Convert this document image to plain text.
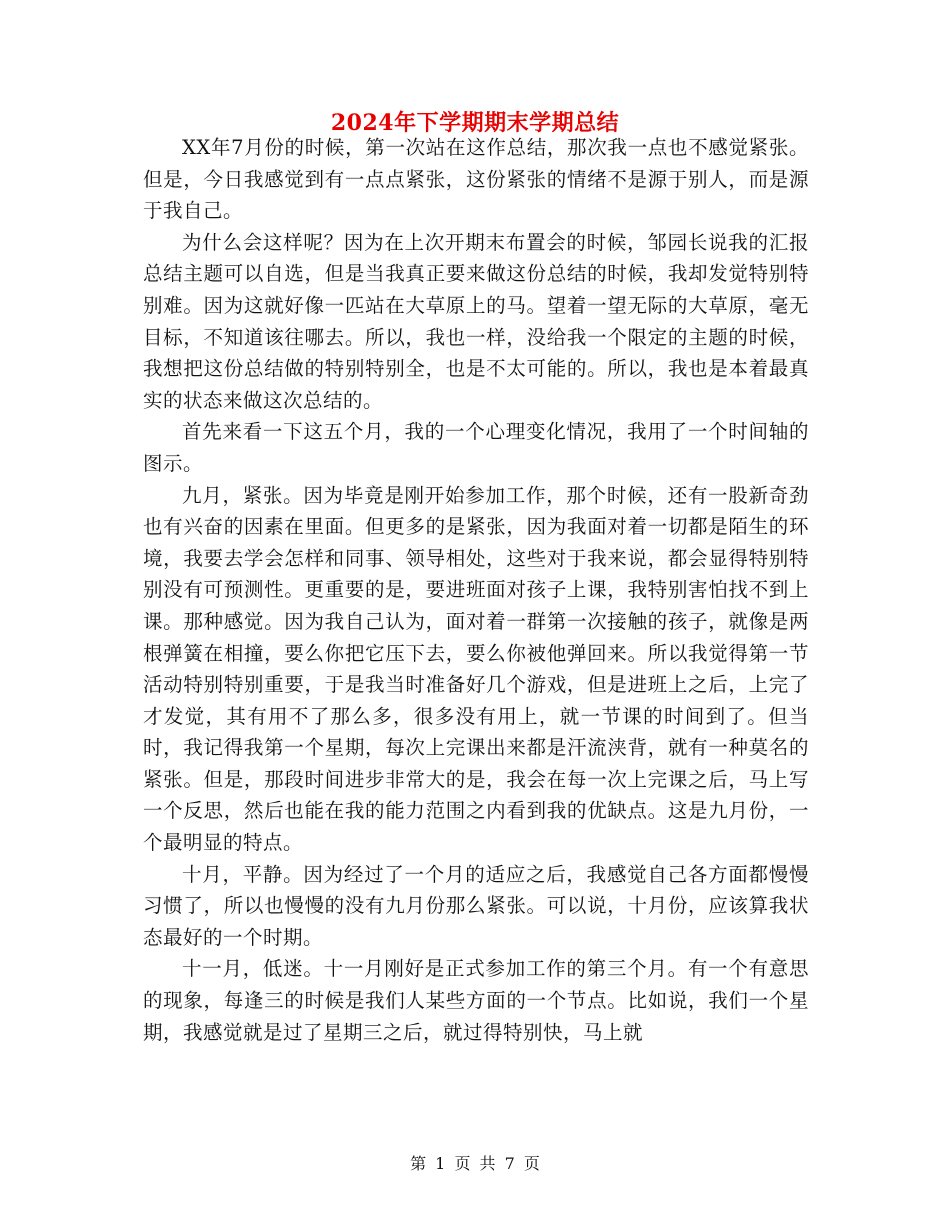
2024年下学期期末学期总结

XX年7月份的时候，第一次站在这作总结，那次我一点也不感觉紧张。但是，今日我感觉到有一点点紧张，这份紧张的情绪不是源于别人，而是源于我自己。

为什么会这样呢？因为在上次开期末布置会的时候，邹园长说我的汇报总结主题可以自选，但是当我真正要来做这份总结的时候，我却发觉特别特别难。因为这就好像一匹站在大草原上的马。望着一望无际的大草原，毫无目标，不知道该往哪去。所以，我也一样，没给我一个限定的主题的时候，我想把这份总结做的特别特别全，也是不太可能的。所以，我也是本着最真实的状态来做这次总结的。

首先来看一下这五个月，我的一个心理变化情况，我用了一个时间轴的图示。

九月，紧张。因为毕竟是刚开始参加工作，那个时候，还有一股新奇劲也有兴奋的因素在里面。但更多的是紧张，因为我面对着一切都是陌生的环境，我要去学会怎样和同事、领导相处，这些对于我来说，都会显得特别特别没有可预测性。更重要的是，要进班面对孩子上课，我特别害怕找不到上课。那种感觉。因为我自己认为，面对着一群第一次接触的孩子，就像是两根弹簧在相撞，要么你把它压下去，要么你被他弹回来。所以我觉得第一节活动特别特别重要，于是我当时准备好几个游戏，但是进班上之后，上完了才发觉，其有用不了那么多，很多没有用上，就一节课的时间到了。但当时，我记得我第一个星期，每次上完课出来都是汗流浃背，就有一种莫名的紧张。但是，那段时间进步非常大的是，我会在每一次上完课之后，马上写一个反思，然后也能在我的能力范围之内看到我的优缺点。这是九月份，一个最明显的特点。

十月，平静。因为经过了一个月的适应之后，我感觉自己各方面都慢慢习惯了，所以也慢慢的没有九月份那么紧张。可以说，十月份，应该算我状态最好的一个时期。

十一月，低迷。十一月刚好是正式参加工作的第三个月。有一个有意思的现象，每逢三的时候是我们人某些方面的一个节点。比如说，我们一个星期，我感觉就是过了星期三之后，就过得特别快，马上就

第 1 页 共 7 页
